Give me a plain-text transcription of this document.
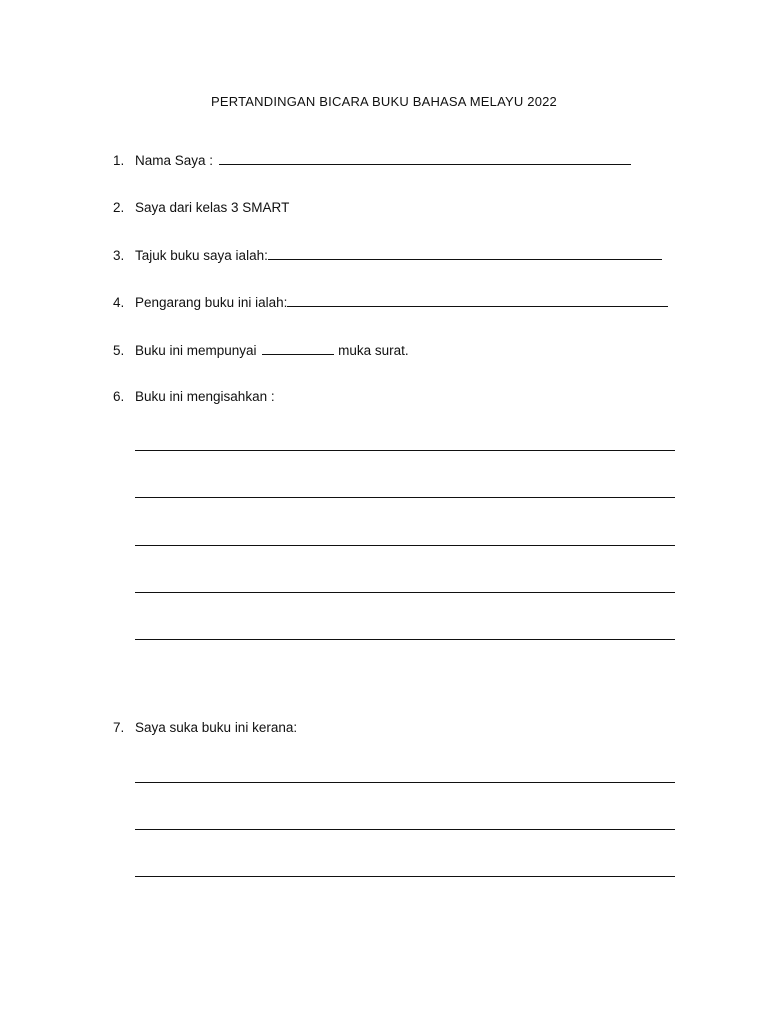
PERTANDINGAN BICARA BUKU BAHASA MELAYU 2022
1. Nama Saya :
2. Saya dari kelas 3 SMART
3. Tajuk buku saya ialah:
4. Pengarang buku ini ialah:
5. Buku ini mempunyai	muka surat.
6. Buku ini mengisahkan :
7. Saya suka buku ini kerana:
